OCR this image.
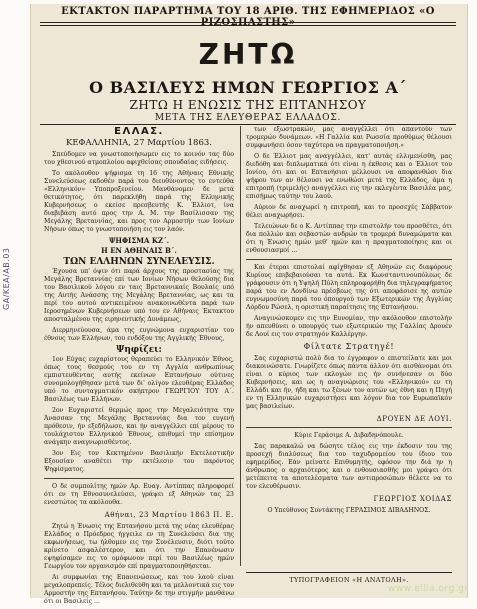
GA/KEA/ΑΒ.03
ΕΚΤΑΚΤΟΝ ΠΑΡΑΡΤΗΜΑ ΤΟΥ 18 ΑΡΙΘ. ΤΗΣ ΕΦΗΜΕΡΙΔΟΣ «Ο ΡΙΖΟΣΠΑΣΤΗΣ»
ΖΗΤΩ
Ο ΒΑΣΙΛΕΥΣ ΗΜΩΝ ΓΕΩΡΓΙΟΣ Α΄
ΖΗΤΩ Η ΕΝΩΣΙΣ ΤΗΣ ΕΠΤΑΝΗΣΟΥ
ΜΕΤΑ ΤΗΣ ΕΛΕΥΘΕΡΑΣ ΕΛΛΑΔΟΣ.
ΕΛΛΑΣ.
ΚΕΦΑΛΛΗΝΙΑ, 27 Μαρτίου 1863.

Σπεύδομεν να γνωστοποιήσωμεν εις το κοινόν τας δύο του χθεσινού ατμοπλοίου αφιχθείσας σπουδαίας ειδήσεις.

Το ακόλουθον ψήφισμα τη 16 της Αθήναις Εθνικής Συνελεύσεως εκδοθέν παρά του διευθύνοντος το εντεύθα «Ελληνικόν» Υποπροξενείου. Μανθάνομεν δε μετά θετικότητος, ότι παρεκλήθη παρά της Ελληνικής Κυβερνήσεως ο εκείσε πρεσβευτής Κ. Έλλιοτ, ίνα διαβιβάση αυτό προς την Α. Μ. την Βασίλισσαν της Μεγάλης Βρεταννίας, και προς τον Αρμοστήν των Ιονίων Νήσων όπως το γνωστοποιήση εις τον λαόν.

ΨΗΦΙΣΜΑ ΚΖ΄.
Η ΕΝ ΑΘΗΝΑΙΣ Β΄.
ΤΩΝ ΕΛΛΗΝΩΝ ΣΥΝΕΛΕΥΣΙΣ.

Έχουσα υπ' όψιν ότι παρά άρχους της προστασίας της Μεγάλης Βρεταννίας επί των Ιονίων Νήσων θελούσης δια του Βασιλικού λόγου εν ταις Βρεταννικαίς Βουλαίς υπό της Αυτής Ανάσσης της Μεγάλης Βρεταννίας, ως και τα περί του αυτού αντικειμένου ανακοινωθέντα παρά των Ιεροσημένων Κυβερνήσεων υπό του εν Αθήναις Έκτακτου αποσταλμένου της ειρηνευτικής Δυνάμεως,

Διερμηνεύουσα, άμα της ευγνώμονα ευχαριστίαν του έθνους των Ελλήνων, του ενδόξου της Αγγλικής Έθνους,

Ψηφίζει:

1ον Εύχας ευχαρίστους θεραπεύει το Ελληνικόν Έθνος, όπως τους θεσμούς του εν τη Αγγλία ανθρωπίνως εμπιστευθέντας αυτής εκείνων Επτανήσων ούτινες συνομολογήθησαν μετά των δι' ολίγον ελευθέρας Ελλάδος υπό το συνταγματικόν σκήπτρον ΓΕΩΡΓΙΟΥ ΤΟΥ Α΄. Βασιλέως των Ελλήνων.

2ον Ευχαριστεί θερμώς προς την Μεγαλειότητα την Άνασσαν της Μεγάλης Βρεταννίας δια τον ευγενή πρόθεσιν, ήν εξεδήλωσε, και ήν αναγγέλλει επί μέρους το τουλάχιστον Ελληνικού Έθνους, επιθυμεί την επίσημον ανάγκην αναγνωρισθέντος.

3ον Εις τον Κεκτημένον Βασιλικήν Εκτελεστικήν Εξουσίαν αναθέτει την εκτέλεσιν του παρόντος Ψηφίσματος.

Ο δε συμπολίτης ημών Αρ. Ευαγ. Αντίππας πληροφορεί ότι εν τη Εθνοσυνελεύσει, γράψει εξ Αθηνών τας 23 ενεστώτος τα ακόλουθα.

Αθήναι, 23 Μαρτίου 1863 Π. Ε.

Ζητώ η Ένωσις της Επτανήσου μετά της νέας ελευθέρας Ελλάδος ο Πρόεδρος ήγγειλε εν τη Συνελεύσει δια της εκφωνήσεως, τω ήλθομεν εις την Συνέλευσιν, διότι τούτο κρίνετο ασφαλέστερον, και ότι την Επανένωσιν εψηφίσαμεν εις το ομόφωνον περί του Βασιλέως ημών Γεωργίου τον οργανισμόν επί πραγματοποιηθήσεται.

Αι συμφωνίαι της Επανενώσεως, και του λαού είναι μεγαλοπρεπείς. Τέλος διελιθεύθη και τα μελλοντικά εις τον Αρμοστήν της Επτανήσου. Ταύτην δε την στιγμήν μανθάνω ότι οι Βασιλείς ...

των εξωστρακών, μας αναγγέλλει ότι απαντούν των τρομερών δυνάμεων. «Η Γαλλία και Ρωσσία προθύμως θέλουσι συμφωνήσει όσον ταχύτερα να πραγματοποιήση.»

Ο δε Έλλιοτ μας αναγγέλλει, κατ' αυτάς ελλιμενίσθη, μας διεδόθη και διπλωματικά ότι είναι η έκθεσις και ο Έλλιοτ του Ιονίου, ότι και οι Επτανήσιοι μέλλουσι να αποφανθώσι δια ψήφου των αν θέλουσι να ενωθώσι μετά της Ελλάδος, άμα η επιτροπή (τριμελής) αναγγέλλει εις την εκλεγέντα Βασιλέα μας, επισήμως ταύτην του λαού.

Αύριον δε αναχωρεί η επιτροπή, και το προσεχές Σάββατον θέλει αναχωρήσει.

Τελειώνων δε ο Κ. Αντίππας την επιστολήν του προσθέτει, ότι δια πολλών και σεβαστών ανδρών τα τρομερά δυναμώματα και ότι η Ένωσις ημών μεθ' ημών και η πραγματοποίησις και οι ενθουσιασμοί ...

Και έτεραι επιστολαί αφίχθησαν εξ Αθηνών εις διαφόρους Κυρίους επιβεβαιούσαι τα αυτά. Εκ Κωνσταντινουπόλεως δε γράφουσιν ότι η Υψηλή Πύλη επληροφορήθη δια τηλεγραφήματος παρά του εν Λονδίνω πρέσβεως της ότι αποφάσισε ης αυτών ευγνωμοσύνη παρά του όπουργού των Εξωτερικών της Αγγλίας Λόρδου Ρώσελ, η οριστική παραίτησις της Επτανήσου.

Αναγινώσκομεν εις την Ευνομίαν, την ακόλουθον επιστολήν ήν απευθύνει ο υπουργός των εξωτερικών της Γαλλίας Δρουέν δε Λουί εις τον στρατηγόν Καλλέργην.

Φίλτατε Στρατηγέ!

Σας ευχαριστώ πολύ δια το έγγραφον ο επιστείλατε και μοι διακοινώσατε. Γνωρίζετε όπως πάντα άλλον ότι αισθάνομαι ότι είναι ο κύριος των εκλογών εις ήν συνήνεσαν οι δύο Κυβερνήσεις, και ως η αναγνώρισις του «Ελληνικού» εν τη Ελλάδι και ήν, ήδη και τω ξένων τον αυτών ως έθνη και η Πηγή εν τη Ελληνικών ευχαριστήσει και λόγον δια τον Ευρωπαϊκόν μας βασιλείων.

ΔΡΟΥΕΝ ΔΕ ΛΟΥΙ.

Κύριε Γεράσιμε Α. Διβαδηνόπουλε.

Σας παρακαλώ να δώσητε τέλος εις την έκδοσιν του της προσεχή διαλύσεως δια του ταχυδρομείου του ίδιου του εφημερίδος. Εάν μείνατε Επιθυμητής, εφόσον την διά ην η άνθρωπος ο αρχαιότερος και ο ενθουσιασθής μοι γράψει ότι μετέπειτα τα αποτελέσματα των αντιπροσώπων θέλετε να το τον ελευθέρωσιν.

ΓΕΩΡΓΙΟΣ ΧΟΙΔΑΣ

Ο Υπεύθυνος Συντάκτης ΓΕΡΑΣΙΜΟΣ ΔΙΒΑΔΗΝΟΣ.

ΤΥΠΟΓΡΑΦΕΙΟΝ «Η ΑΝΑΤΟΛΗ».
www.ellia.org.gr
